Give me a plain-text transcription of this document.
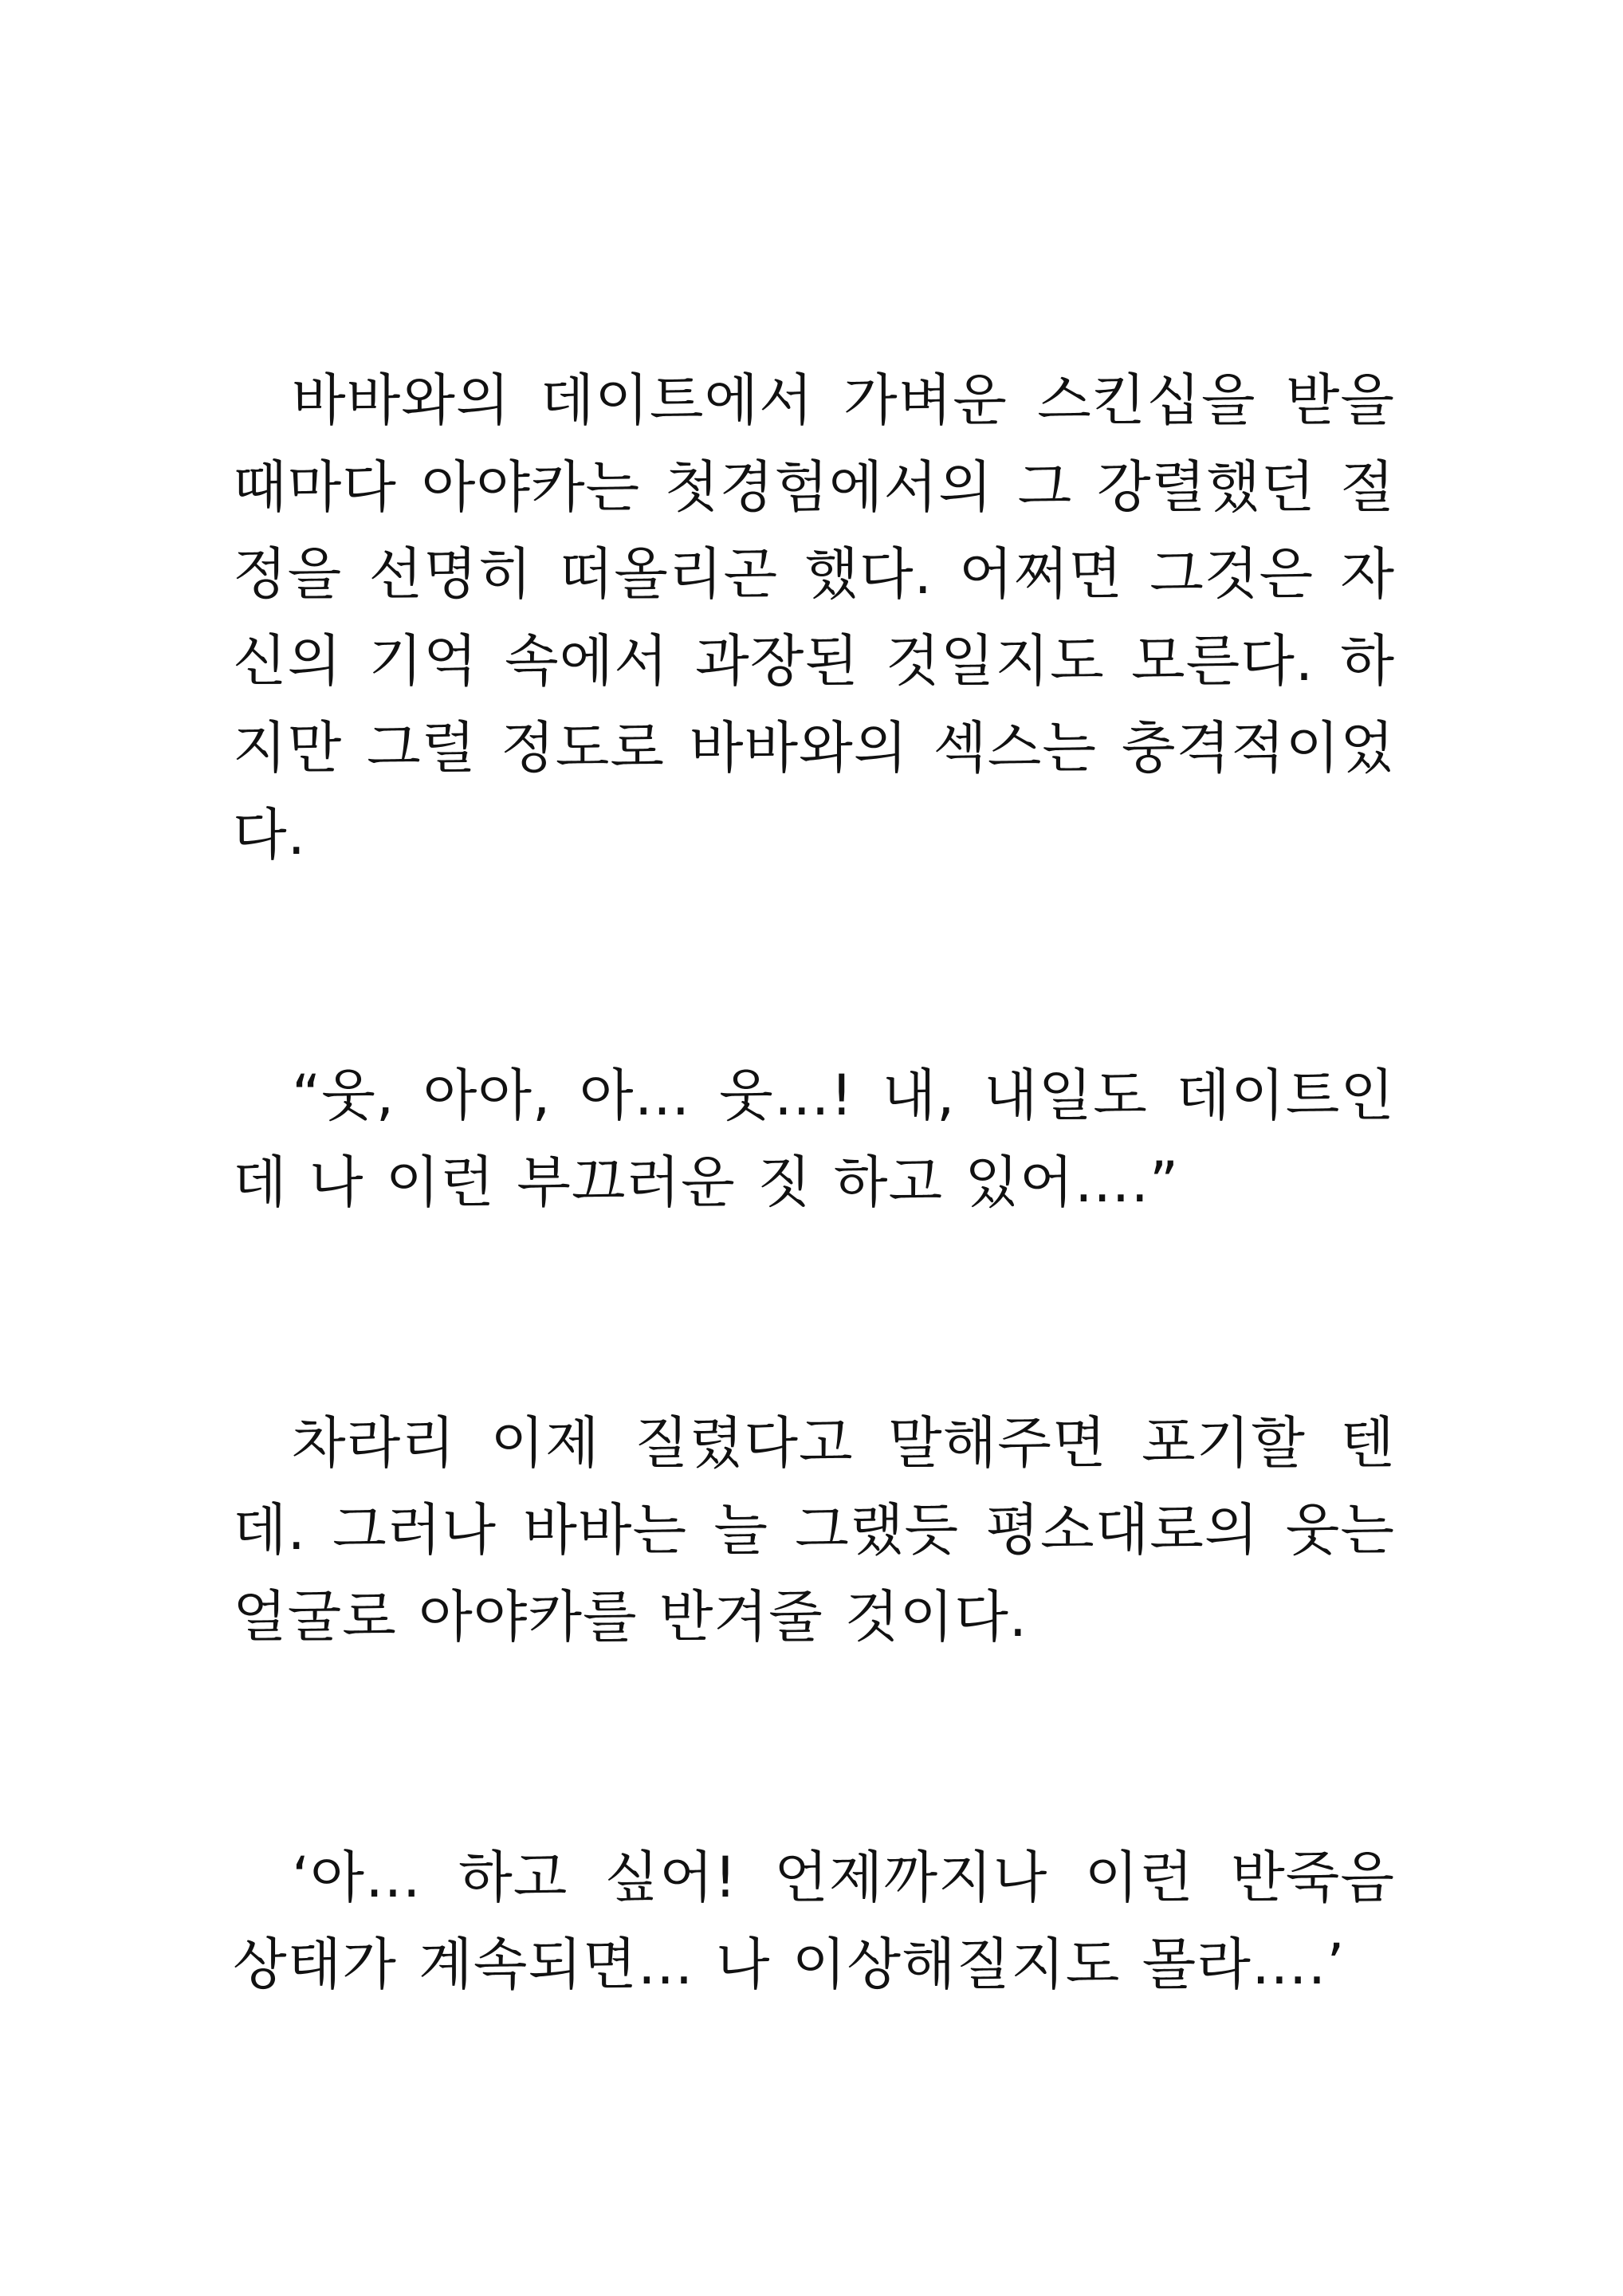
바바와의 데이트에서 가벼운 스킨십을 받을 때마다 아야카는 첫경험에서의 그 강렬했던 절정을 선명히 떠올리곤 했다. 어쩌면 그것은 자신의 기억 속에서 과장된 것일지도 모른다. 하지만 그럴 정도로 바바와의 섹스는 충격적이었다.

“웃, 아아, 아… 웃…! 내, 내일도 데이트인데 나 이런 부끄러운 짓 하고 있어….”

차라리 이제 질렸다고 말해주면 포기할 텐데. 그러나 바바는 늘 그랬듯 평소대로의 웃는 얼굴로 아야카를 반겨줄 것이다.

‘아… 하고 싶어! 언제까지나 이런 반죽음 상태가 계속되면… 나 이상해질지도 몰라….’
